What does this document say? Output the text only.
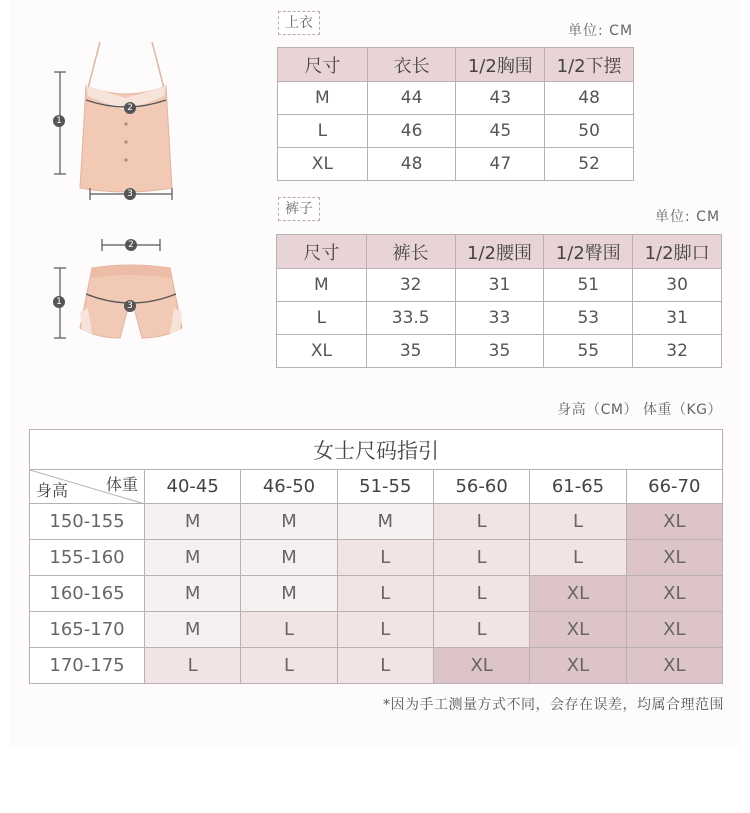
1
2
3
1
2
3
上衣	单位: CM
尺寸	衣长	1/2胸围	1/2下摆
M	44	43	48
L	46	45	50
XL	48	47	52
裤子	单位: CM
尺寸	裤长	1/2腰围	1/2臀围	1/2脚口
M	32	31	51	30
L	33.5	33	53	31
XL	35	35	55	32
身高（CM） 体重（KG）
女士尺码指引						

体重
身高	40-45	46-50	51-55	56-60	61-65	66-70
150-155	M	M	M	L	L	XL
155-160	M	M	L	L	L	XL
160-165	M	M	L	L	XL	XL
165-170	M	L	L	L	XL	XL
170-175	L	L	L	XL	XL	XL
*因为手工测量方式不同，会存在误差，均属合理范围
